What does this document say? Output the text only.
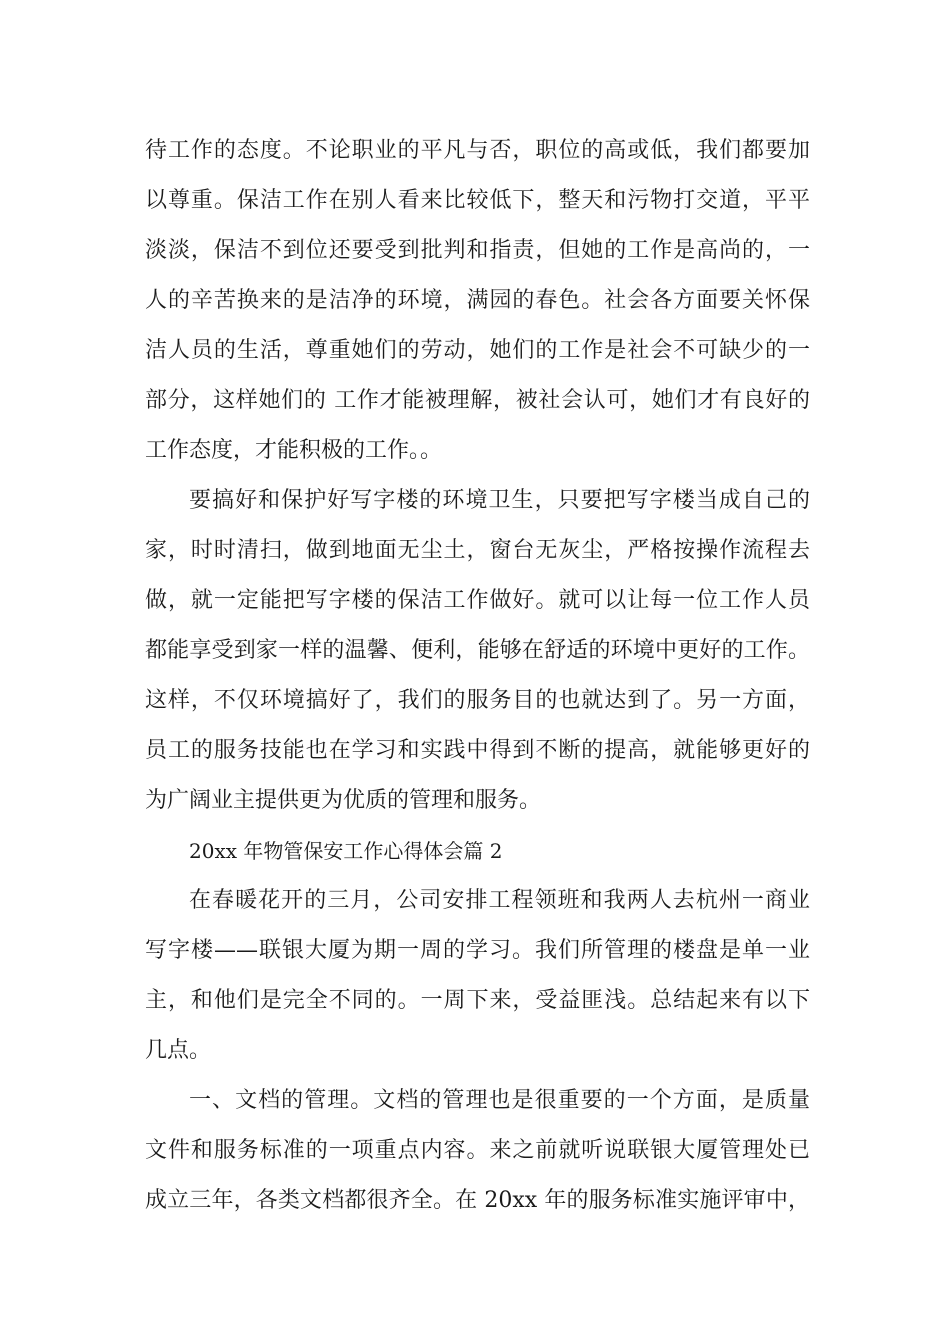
待工作的态度。不论职业的平凡与否，职位的高或低，我们都要加
以尊重。保洁工作在别人看来比较低下，整天和污物打交道，平平
淡淡，保洁不到位还要受到批判和指责，但她的工作是高尚的，一
人的辛苦换来的是洁净的环境，满园的春色。社会各方面要关怀保
洁人员的生活，尊重她们的劳动，她们的工作是社会不可缺少的一
部分，这样她们的 工作才能被理解，被社会认可，她们才有良好的
工作态度，才能积极的工作。。
要搞好和保护好写字楼的环境卫生，只要把写字楼当成自己的
家，时时清扫，做到地面无尘土，窗台无灰尘，严格按操作流程去
做，就一定能把写字楼的保洁工作做好。就可以让每一位工作人员
都能享受到家一样的温馨、便利，能够在舒适的环境中更好的工作。
这样，不仅环境搞好了，我们的服务目的也就达到了。另一方面，
员工的服务技能也在学习和实践中得到不断的提高，就能够更好的
为广阔业主提供更为优质的管理和服务。
20xx 年物管保安工作心得体会篇 2
在春暖花开的三月，公司安排工程领班和我两人去杭州一商业
写字楼——联银大厦为期一周的学习。我们所管理的楼盘是单一业
主，和他们是完全不同的。一周下来，受益匪浅。总结起来有以下
几点。
一、文档的管理。文档的管理也是很重要的一个方面，是质量
文件和服务标准的一项重点内容。来之前就听说联银大厦管理处已
成立三年，各类文档都很齐全。在 20xx 年的服务标准实施评审中，
